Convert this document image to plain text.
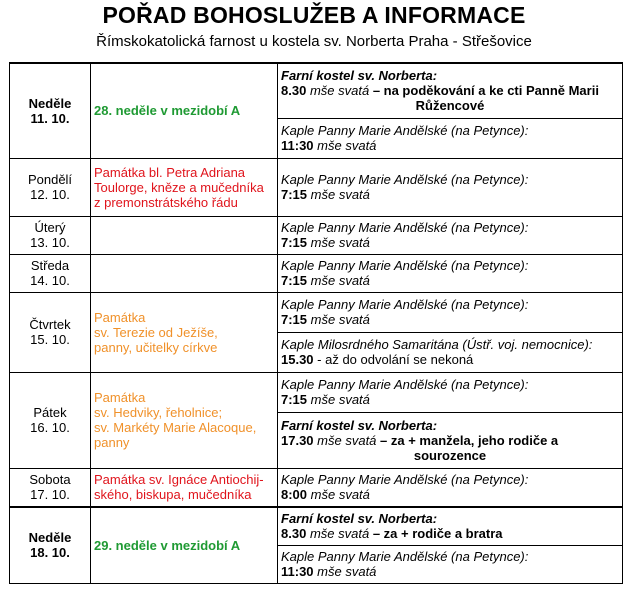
POŘAD BOHOSLUŽEB A INFORMACE
Římskokatolická farnost u kostela sv. Norberta Praha - Střešovice
Neděle
11. 10.	28. neděle v mezidobí A	Farní kostel sv. Norberta:
8.30 mše svatá – na poděkování a ke cti Panně Marii
Růžencové

		Kaple Panny Marie Andělské (na Petynce):
11:30 mše svatá

Pondělí
12. 10.	Památka bl. Petra Adriana
Toulorge, kněze a mučedníka
z premonstrátského řádu	Kaple Panny Marie Andělské (na Petynce):
7:15 mše svatá

Úterý
13. 10.		Kaple Panny Marie Andělské (na Petynce):
7:15 mše svatá

Středa
14. 10.		Kaple Panny Marie Andělské (na Petynce):
7:15 mše svatá

Čtvrtek
15. 10.	Památka
sv. Terezie od Ježíše,
panny, učitelky církve	Kaple Panny Marie Andělské (na Petynce):
7:15 mše svatá

		Kaple Milosrdného Samaritána (Ústř. voj. nemocnice):
15.30 - až do odvolání se nekoná

Pátek
16. 10.	Památka
sv. Hedviky, řeholnice;
sv. Markéty Marie Alacoque,
panny	Kaple Panny Marie Andělské (na Petynce):
7:15 mše svatá

		Farní kostel sv. Norberta:
17.30 mše svatá – za + manžela, jeho rodiče a
sourozence

Sobota
17. 10.	Památka sv. Ignáce Antiochij-
ského, biskupa, mučedníka	Kaple Panny Marie Andělské (na Petynce):
8:00 mše svatá

Neděle
18. 10.	29. neděle v mezidobí A	Farní kostel sv. Norberta:
8.30 mše svatá – za + rodiče a bratra

		Kaple Panny Marie Andělské (na Petynce):
11:30 mše svatá
